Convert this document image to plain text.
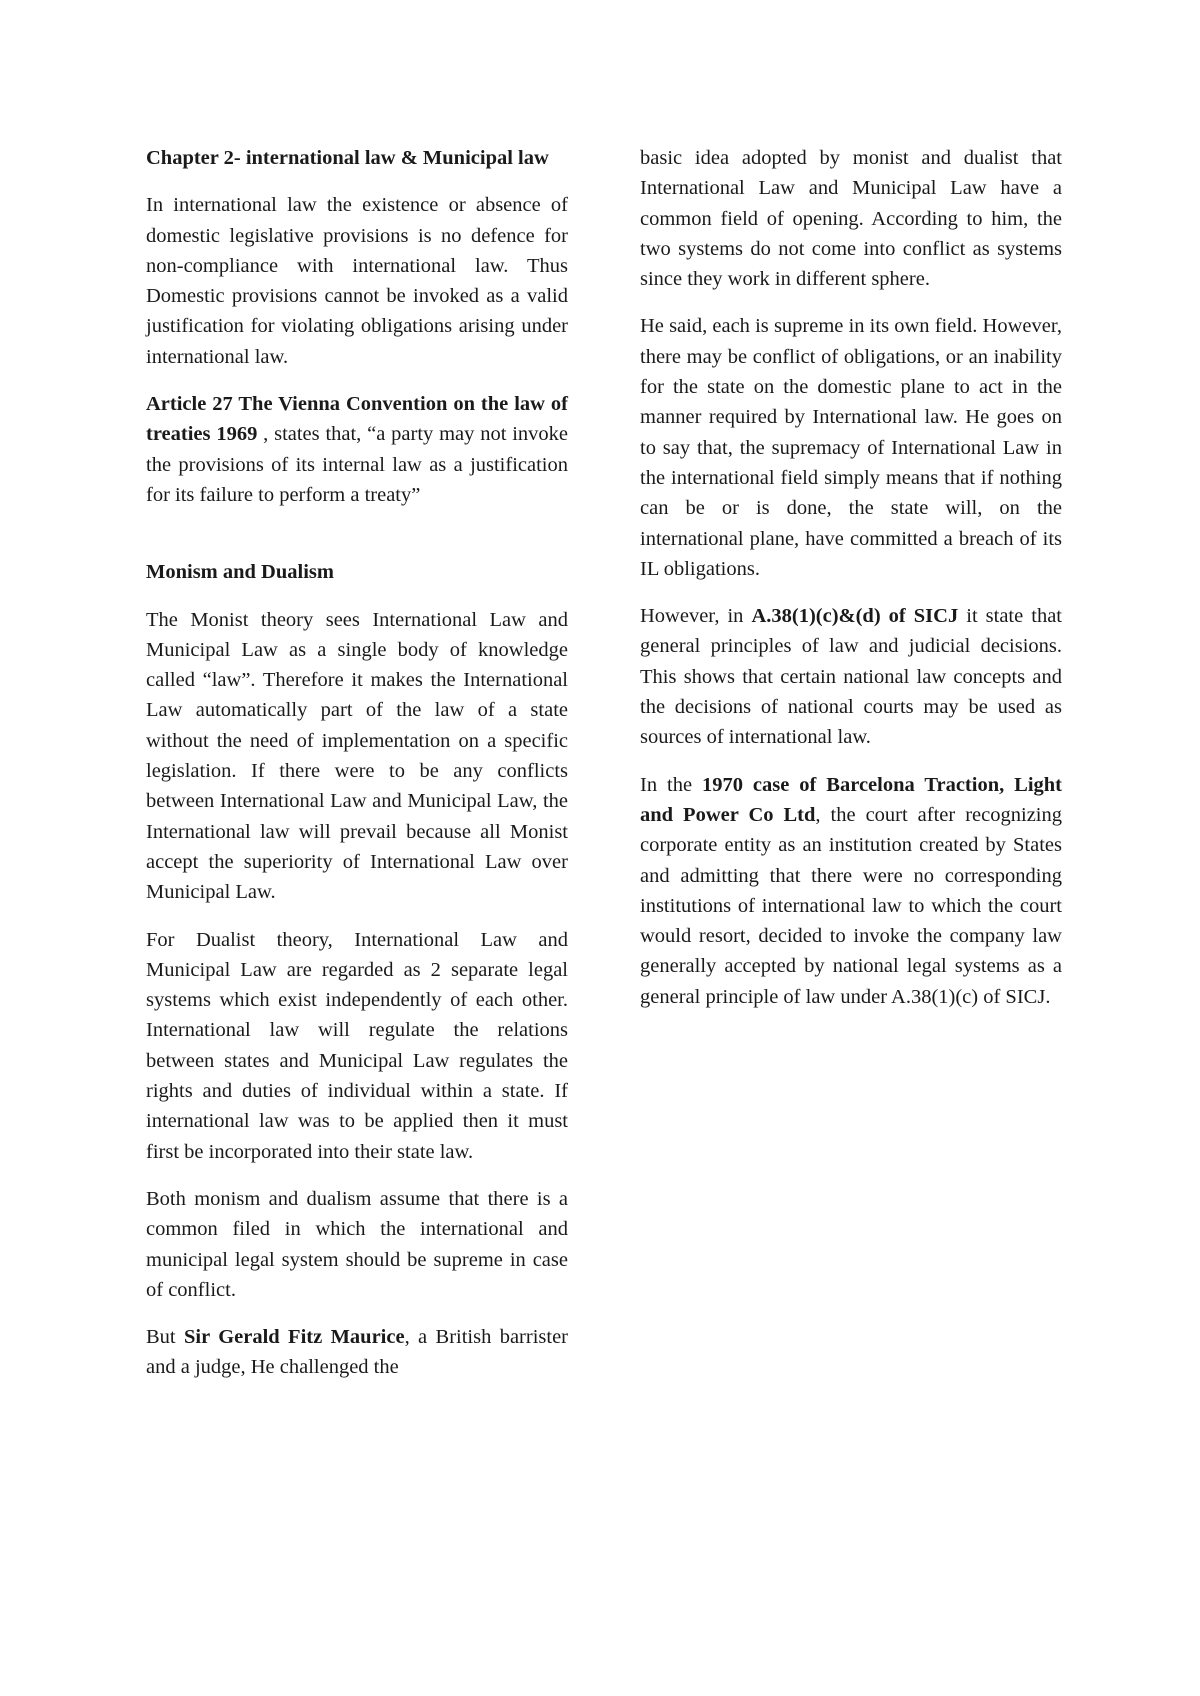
Chapter 2- international law & Municipal law

In international law the existence or absence of domestic legislative provisions is no defence for non-compliance with international law. Thus Domestic provisions cannot be invoked as a valid justification for violating obligations arising under international law.

Article 27 The Vienna Convention on the law of treaties 1969 , states that, “a party may not invoke the provisions of its internal law as a justification for its failure to perform a treaty”

Monism and Dualism

The Monist theory sees International Law and Municipal Law as a single body of knowledge called “law”. Therefore it makes the International Law automatically part of the law of a state without the need of implementation on a specific legislation. If there were to be any conflicts between International Law and Municipal Law, the International law will prevail because all Monist accept the superiority of International Law over Municipal Law.

For Dualist theory, International Law and Municipal Law are regarded as 2 separate legal systems which exist independently of each other. International law will regulate the relations between states and Municipal Law regulates the rights and duties of individual within a state. If international law was to be applied then it must first be incorporated into their state law.

Both monism and dualism assume that there is a common filed in which the international and municipal legal system should be supreme in case of conflict.

But Sir Gerald Fitz Maurice, a British barrister and a judge, He challenged the

basic idea adopted by monist and dualist that International Law and Municipal Law have a common field of opening. According to him, the two systems do not come into conflict as systems since they work in different sphere.

He said, each is supreme in its own field. However, there may be conflict of obligations, or an inability for the state on the domestic plane to act in the manner required by International law. He goes on to say that, the supremacy of International Law in the international field simply means that if nothing can be or is done, the state will, on the international plane, have committed a breach of its IL obligations.

However, in A.38(1)(c)&(d) of SICJ it state that general principles of law and judicial decisions. This shows that certain national law concepts and the decisions of national courts may be used as sources of international law.

In the 1970 case of Barcelona Traction, Light and Power Co Ltd, the court after recognizing corporate entity as an institution created by States and admitting that there were no corresponding institutions of international law to which the court would resort, decided to invoke the company law generally accepted by national legal systems as a general principle of law under A.38(1)(c) of SICJ.
